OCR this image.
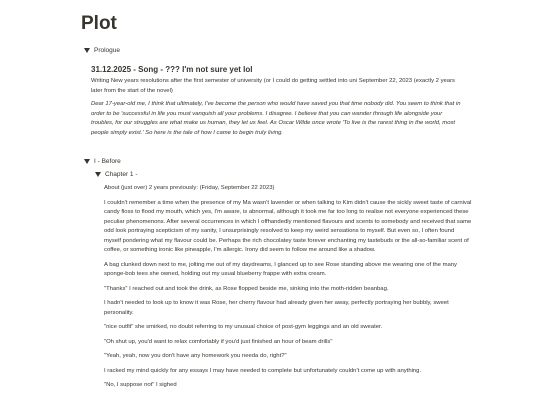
Plot
Prologue
31.12.2025 - Song - ??? I'm not sure yet lol

Writing New years resolutions after the first semester of university (or I could do getting settled into uni September 22, 2023 (exactly 2 years later from the start of the novel)

Dear 17-year-old me, I think that ultimately, I've become the person who would have saved you that time nobody did. You seem to think that in order to be 'successful in life you must vanquish all your problems. I disagree. I believe that you can wander through life alongside your troubles, for our struggles are what make us human, they let us feel. As Oscar Wilde once wrote 'To live is the rarest thing in the world, most people simply exist.' So here is the tale of how I came to begin truly living.

I - Before
Chapter 1 -

About (just over) 2 years previously: (Friday, September 22 2023)

I couldn't remember a time when the presence of my Ma wasn't lavender or when talking to Kim didn't cause the sickly sweet taste of carnival candy floss to flood my mouth, which yes, I'm aware, is abnormal, although it took me far too long to realise not everyone experienced these peculiar phenomenons. After several occurrences in which I offhandedly mentioned flavours and scents to somebody and received that same odd look portraying scepticism of my sanity, I unsurprisingly resolved to keep my weird sensations to myself. But even so, I often found myself pondering what my flavour could be. Perhaps the rich chocolatey taste forever enchanting my tastebuds or the all-so-familiar scent of coffee, or something ironic like pineapple, I'm allergic. Irony did seem to follow me around like a shadow.

A bag clunked down next to me, jolting me out of my daydreams, I glanced up to see Rose standing above me wearing one of the many sponge-bob tees she owned, holding out my usual blueberry frappe with extra cream.

"Thanks" I reached out and took the drink, as Rose flopped beside me, sinking into the moth-ridden beanbag.

I hadn't needed to look up to know it was Rose, her cherry flavour had already given her away, perfectly portraying her bubbly, sweet personality.

"nice outfit" she smirked, no doubt referring to my unusual choice of post-gym leggings and an old sweater.

"Oh shut up, you'd want to relax comfortably if you'd just finished an hour of beam drills"

"Yeah, yeah, now you don't have any homework you needa do, right?"

I racked my mind quickly for any essays I may have needed to complete but unfortunately couldn't come up with anything.

"No, I suppose not" I sighed
